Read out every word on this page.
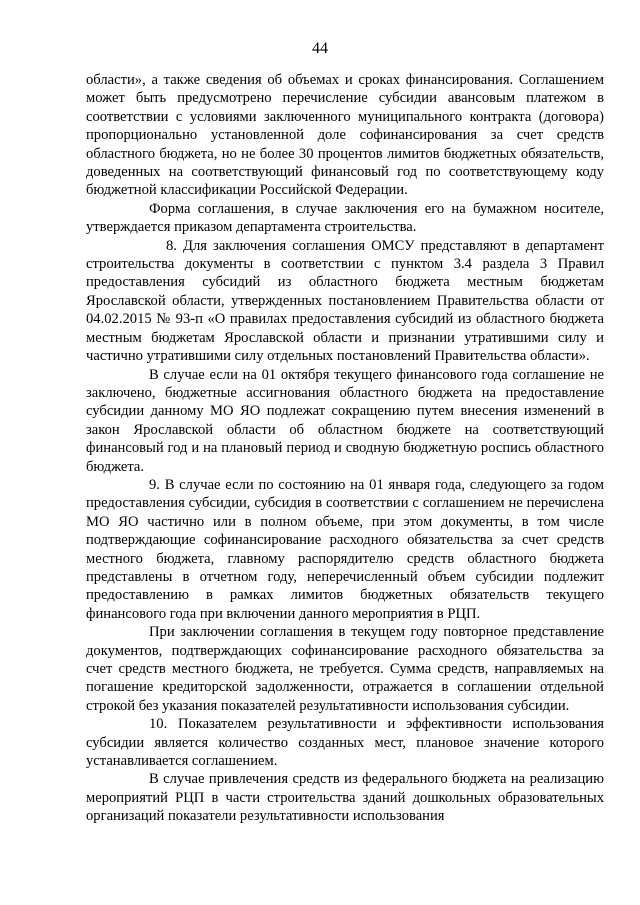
44

области», а также сведения об объемах и сроках финансирования. Соглашением может быть предусмотрено перечисление субсидии авансовым платежом в соответствии с условиями заключенного муниципального контракта (договора) пропорционально установленной доле софинансирования за счет средств областного бюджета, но не более 30 процентов лимитов бюджетных обязательств, доведенных на соответствующий финансовый год по соответствующему коду бюджетной классификации Российской Федерации.

Форма соглашения, в случае заключения его на бумажном носителе, утверждается приказом департамента строительства.

8. Для заключения соглашения ОМСУ представляют в департамент строительства документы в соответствии с пунктом 3.4 раздела 3 Правил предоставления субсидий из областного бюджета местным бюджетам Ярославской области, утвержденных постановлением Правительства области от 04.02.2015 № 93-п «О правилах предоставления субсидий из областного бюджета местным бюджетам Ярославской области и признании утратившими силу и частично утратившими силу отдельных постановлений Правительства области».

В случае если на 01 октября текущего финансового года соглашение не заключено, бюджетные ассигнования областного бюджета на предоставление субсидии данному МО ЯО подлежат сокращению путем внесения изменений в закон Ярославской области об областном бюджете на соответствующий финансовый год и на плановый период и сводную бюджетную роспись областного бюджета.

9. В случае если по состоянию на 01 января года, следующего за годом предоставления субсидии, субсидия в соответствии с соглашением не перечислена МО ЯО частично или в полном объеме, при этом документы, в том числе подтверждающие софинансирование расходного обязательства за счет средств местного бюджета, главному распорядителю средств областного бюджета представлены в отчетном году, неперечисленный объем субсидии подлежит предоставлению в рамках лимитов бюджетных обязательств текущего финансового года при включении данного мероприятия в РЦП.

При заключении соглашения в текущем году повторное представление документов, подтверждающих софинансирование расходного обязательства за счет средств местного бюджета, не требуется. Сумма средств, направляемых на погашение кредиторской задолженности, отражается в соглашении отдельной строкой без указания показателей результативности использования субсидии.

10. Показателем результативности и эффективности использования субсидии является количество созданных мест, плановое значение которого устанавливается соглашением.

В случае привлечения средств из федерального бюджета на реализацию мероприятий РЦП в части строительства зданий дошкольных образовательных организаций показатели результативности использования
